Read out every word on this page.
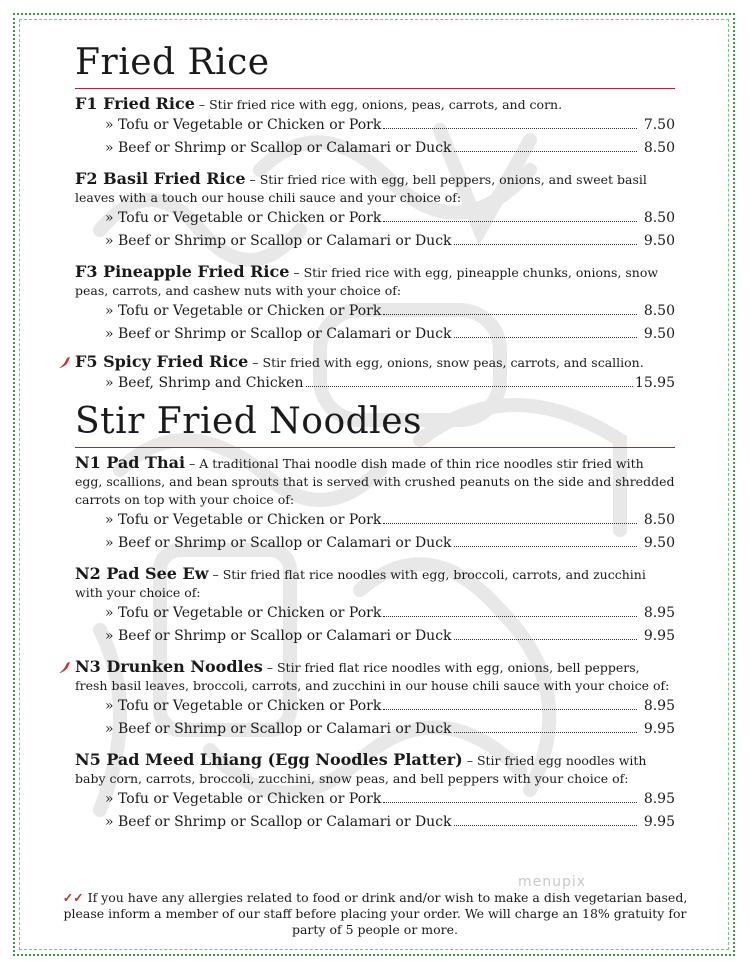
Fried Rice
F1 Fried Rice – Stir fried rice with egg, onions, peas, carrots, and corn.
» Tofu or Vegetable or Chicken or Pork	7.50
» Beef or Shrimp or Scallop or Calamari or Duck	8.50
F2 Basil Fried Rice – Stir fried rice with egg, bell peppers, onions, and sweet basil leaves with a touch our house chili sauce and your choice of:
» Tofu or Vegetable or Chicken or Pork	8.50
» Beef or Shrimp or Scallop or Calamari or Duck	9.50
F3 Pineapple Fried Rice – Stir fried rice with egg, pineapple chunks, onions, snow peas, carrots, and cashew nuts with your choice of:
» Tofu or Vegetable or Chicken or Pork	8.50
» Beef or Shrimp or Scallop or Calamari or Duck	9.50
F5 Spicy Fried Rice – Stir fried with egg, onions, snow peas, carrots, and scallion.
» Beef, Shrimp and Chicken	15.95
Stir Fried Noodles
N1 Pad Thai – A traditional Thai noodle dish made of thin rice noodles stir fried with egg, scallions, and bean sprouts that is served with crushed peanuts on the side and shredded carrots on top with your choice of:
» Tofu or Vegetable or Chicken or Pork	8.50
» Beef or Shrimp or Scallop or Calamari or Duck	9.50
N2 Pad See Ew – Stir fried flat rice noodles with egg, broccoli, carrots, and zucchini with your choice of:
» Tofu or Vegetable or Chicken or Pork	8.95
» Beef or Shrimp or Scallop or Calamari or Duck	9.95
N3 Drunken Noodles – Stir fried flat rice noodles with egg, onions, bell peppers, fresh basil leaves, broccoli, carrots, and zucchini in our house chili sauce with your choice of:
» Tofu or Vegetable or Chicken or Pork	8.95
» Beef or Shrimp or Scallop or Calamari or Duck	9.95
N5 Pad Meed Lhiang (Egg Noodles Platter) – Stir fried egg noodles with baby corn, carrots, broccoli, zucchini, snow peas, and bell peppers with your choice of:
» Tofu or Vegetable or Chicken or Pork	8.95
» Beef or Shrimp or Scallop or Calamari or Duck	9.95
menupix
✓✓ If you have any allergies related to food or drink and/or wish to make a dish vegetarian based, please inform a member of our staff before placing your order. We will charge an 18% gratuity for party of 5 people or more.
